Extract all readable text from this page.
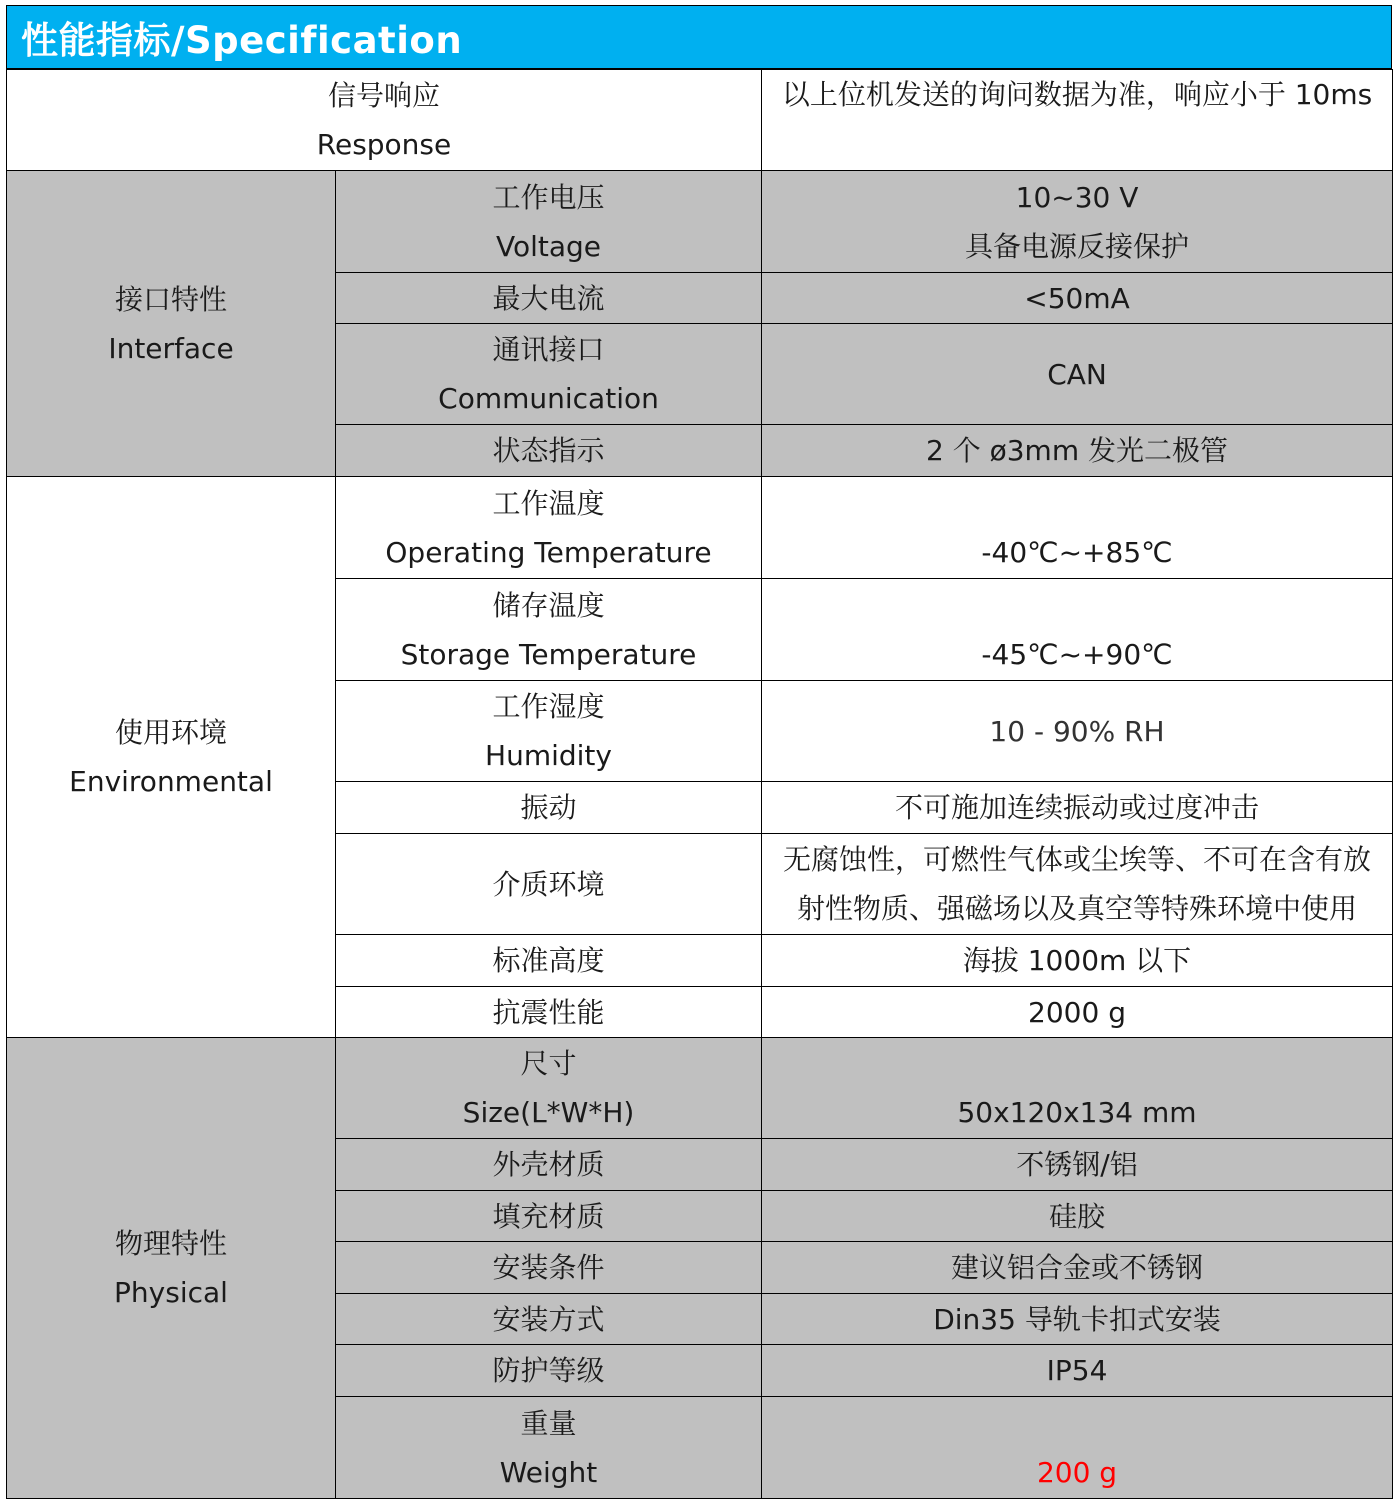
性能指标/Specification
信号响应
Response		以上位机发送的询问数据为准，响应小于 10ms

接口特性
Interface	工作电压
Voltage	10~30 V
具备电源反接保护

	最大电流	<50mA

	通讯接口
Communication	CAN

	状态指示	2 个 ø3mm 发光二极管

使用环境
Environmental	工作温度
Operating Temperature	-40℃~+85℃

	储存温度
Storage Temperature	-45℃~+90℃

	工作湿度
Humidity	10 - 90% RH

	振动	不可施加连续振动或过度冲击

	介质环境	无腐蚀性，可燃性气体或尘埃等、不可在含有放
射性物质、强磁场以及真空等特殊环境中使用

	标准高度	海拔 1000m 以下

	抗震性能	2000 g

物理特性
Physical	尺寸
Size(L*W*H)	50x120x134 mm

	外壳材质	不锈钢/铝

	填充材质	硅胶

	安装条件	建议铝合金或不锈钢

	安装方式	Din35 导轨卡扣式安装

	防护等级	IP54

	重量
Weight	200 g
